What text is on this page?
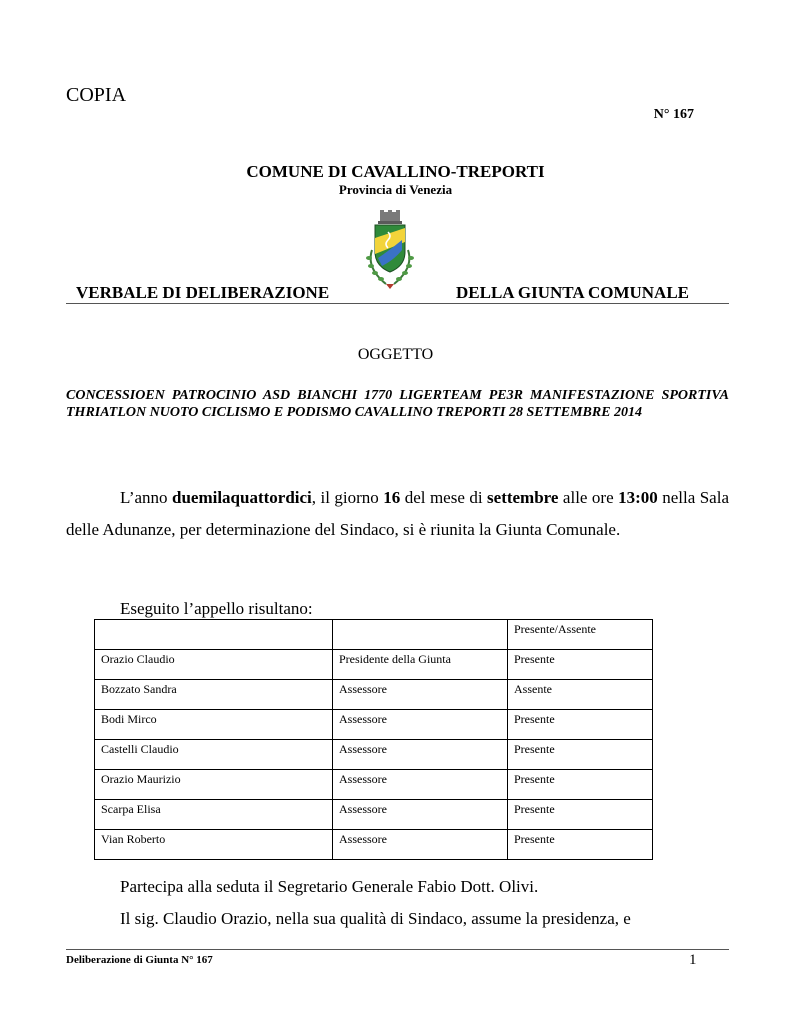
COPIA
N° 167
COMUNE DI CAVALLINO-TREPORTI
Provincia di Venezia
VERBALE DI DELIBERAZIONE	DELLA GIUNTA COMUNALE
OGGETTO
CONCESSIOEN PATROCINIO ASD BIANCHI 1770 LIGERTEAM PE3R MANIFESTAZIONE SPORTIVA THRIATLON NUOTO CICLISMO E PODISMO CAVALLINO TREPORTI 28 SETTEMBRE 2014
L’anno duemilaquattordici, il giorno 16 del mese di settembre alle ore 13:00 nella Sala delle Adunanze, per determinazione del Sindaco, si è riunita la Giunta Comunale.
Eseguito l’appello risultano:
		Presente/Assente
Orazio Claudio	Presidente della Giunta	Presente
Bozzato Sandra	Assessore	Assente
Bodi Mirco	Assessore	Presente
Castelli Claudio	Assessore	Presente
Orazio Maurizio	Assessore	Presente
Scarpa Elisa	Assessore	Presente
Vian Roberto	Assessore	Presente
Partecipa alla seduta il Segretario Generale Fabio Dott. Olivi.
Il sig. Claudio Orazio, nella sua qualità di Sindaco, assume la presidenza, e
Deliberazione di Giunta N° 167	1
